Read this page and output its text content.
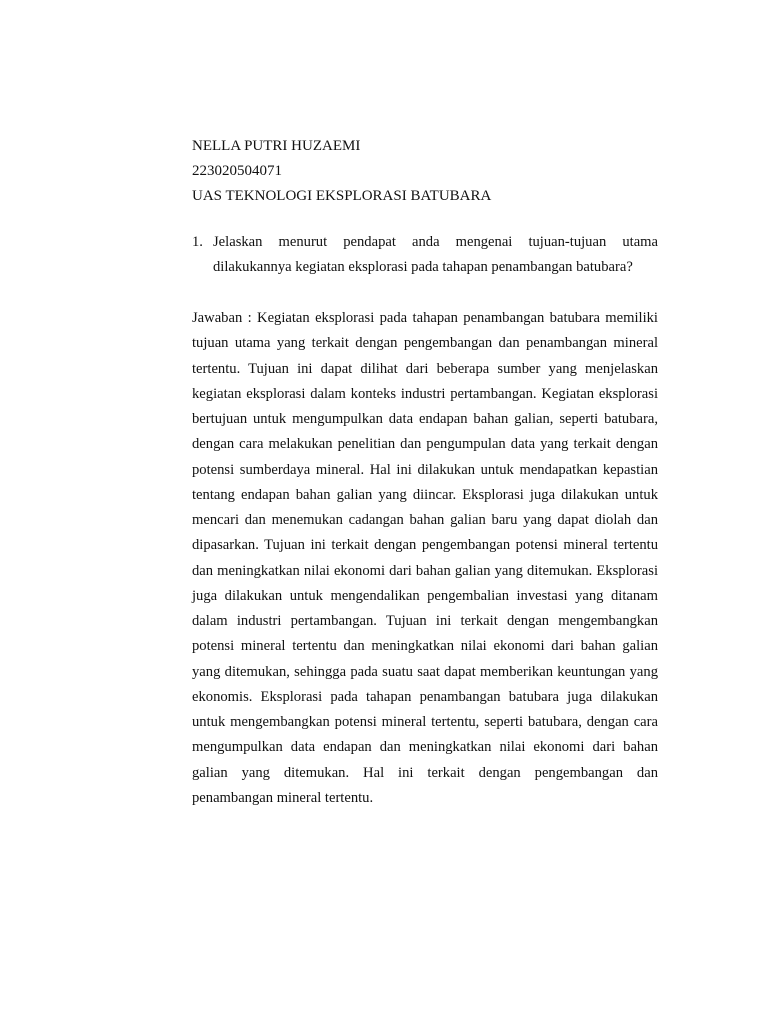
NELLA PUTRI HUZAEMI
223020504071
UAS TEKNOLOGI EKSPLORASI BATUBARA
1. Jelaskan menurut pendapat anda mengenai tujuan-tujuan utama dilakukannya kegiatan eksplorasi pada tahapan penambangan batubara?
Jawaban : Kegiatan eksplorasi pada tahapan penambangan batubara memiliki tujuan utama yang terkait dengan pengembangan dan penambangan mineral tertentu. Tujuan ini dapat dilihat dari beberapa sumber yang menjelaskan kegiatan eksplorasi dalam konteks industri pertambangan. Kegiatan eksplorasi bertujuan untuk mengumpulkan data endapan bahan galian, seperti batubara, dengan cara melakukan penelitian dan pengumpulan data yang terkait dengan potensi sumberdaya mineral. Hal ini dilakukan untuk mendapatkan kepastian tentang endapan bahan galian yang diincar. Eksplorasi juga dilakukan untuk mencari dan menemukan cadangan bahan galian baru yang dapat diolah dan dipasarkan. Tujuan ini terkait dengan pengembangan potensi mineral tertentu dan meningkatkan nilai ekonomi dari bahan galian yang ditemukan. Eksplorasi juga dilakukan untuk mengendalikan pengembalian investasi yang ditanam dalam industri pertambangan. Tujuan ini terkait dengan mengembangkan potensi mineral tertentu dan meningkatkan nilai ekonomi dari bahan galian yang ditemukan, sehingga pada suatu saat dapat memberikan keuntungan yang ekonomis. Eksplorasi pada tahapan penambangan batubara juga dilakukan untuk mengembangkan potensi mineral tertentu, seperti batubara, dengan cara mengumpulkan data endapan dan meningkatkan nilai ekonomi dari bahan galian yang ditemukan. Hal ini terkait dengan pengembangan dan penambangan mineral tertentu.
